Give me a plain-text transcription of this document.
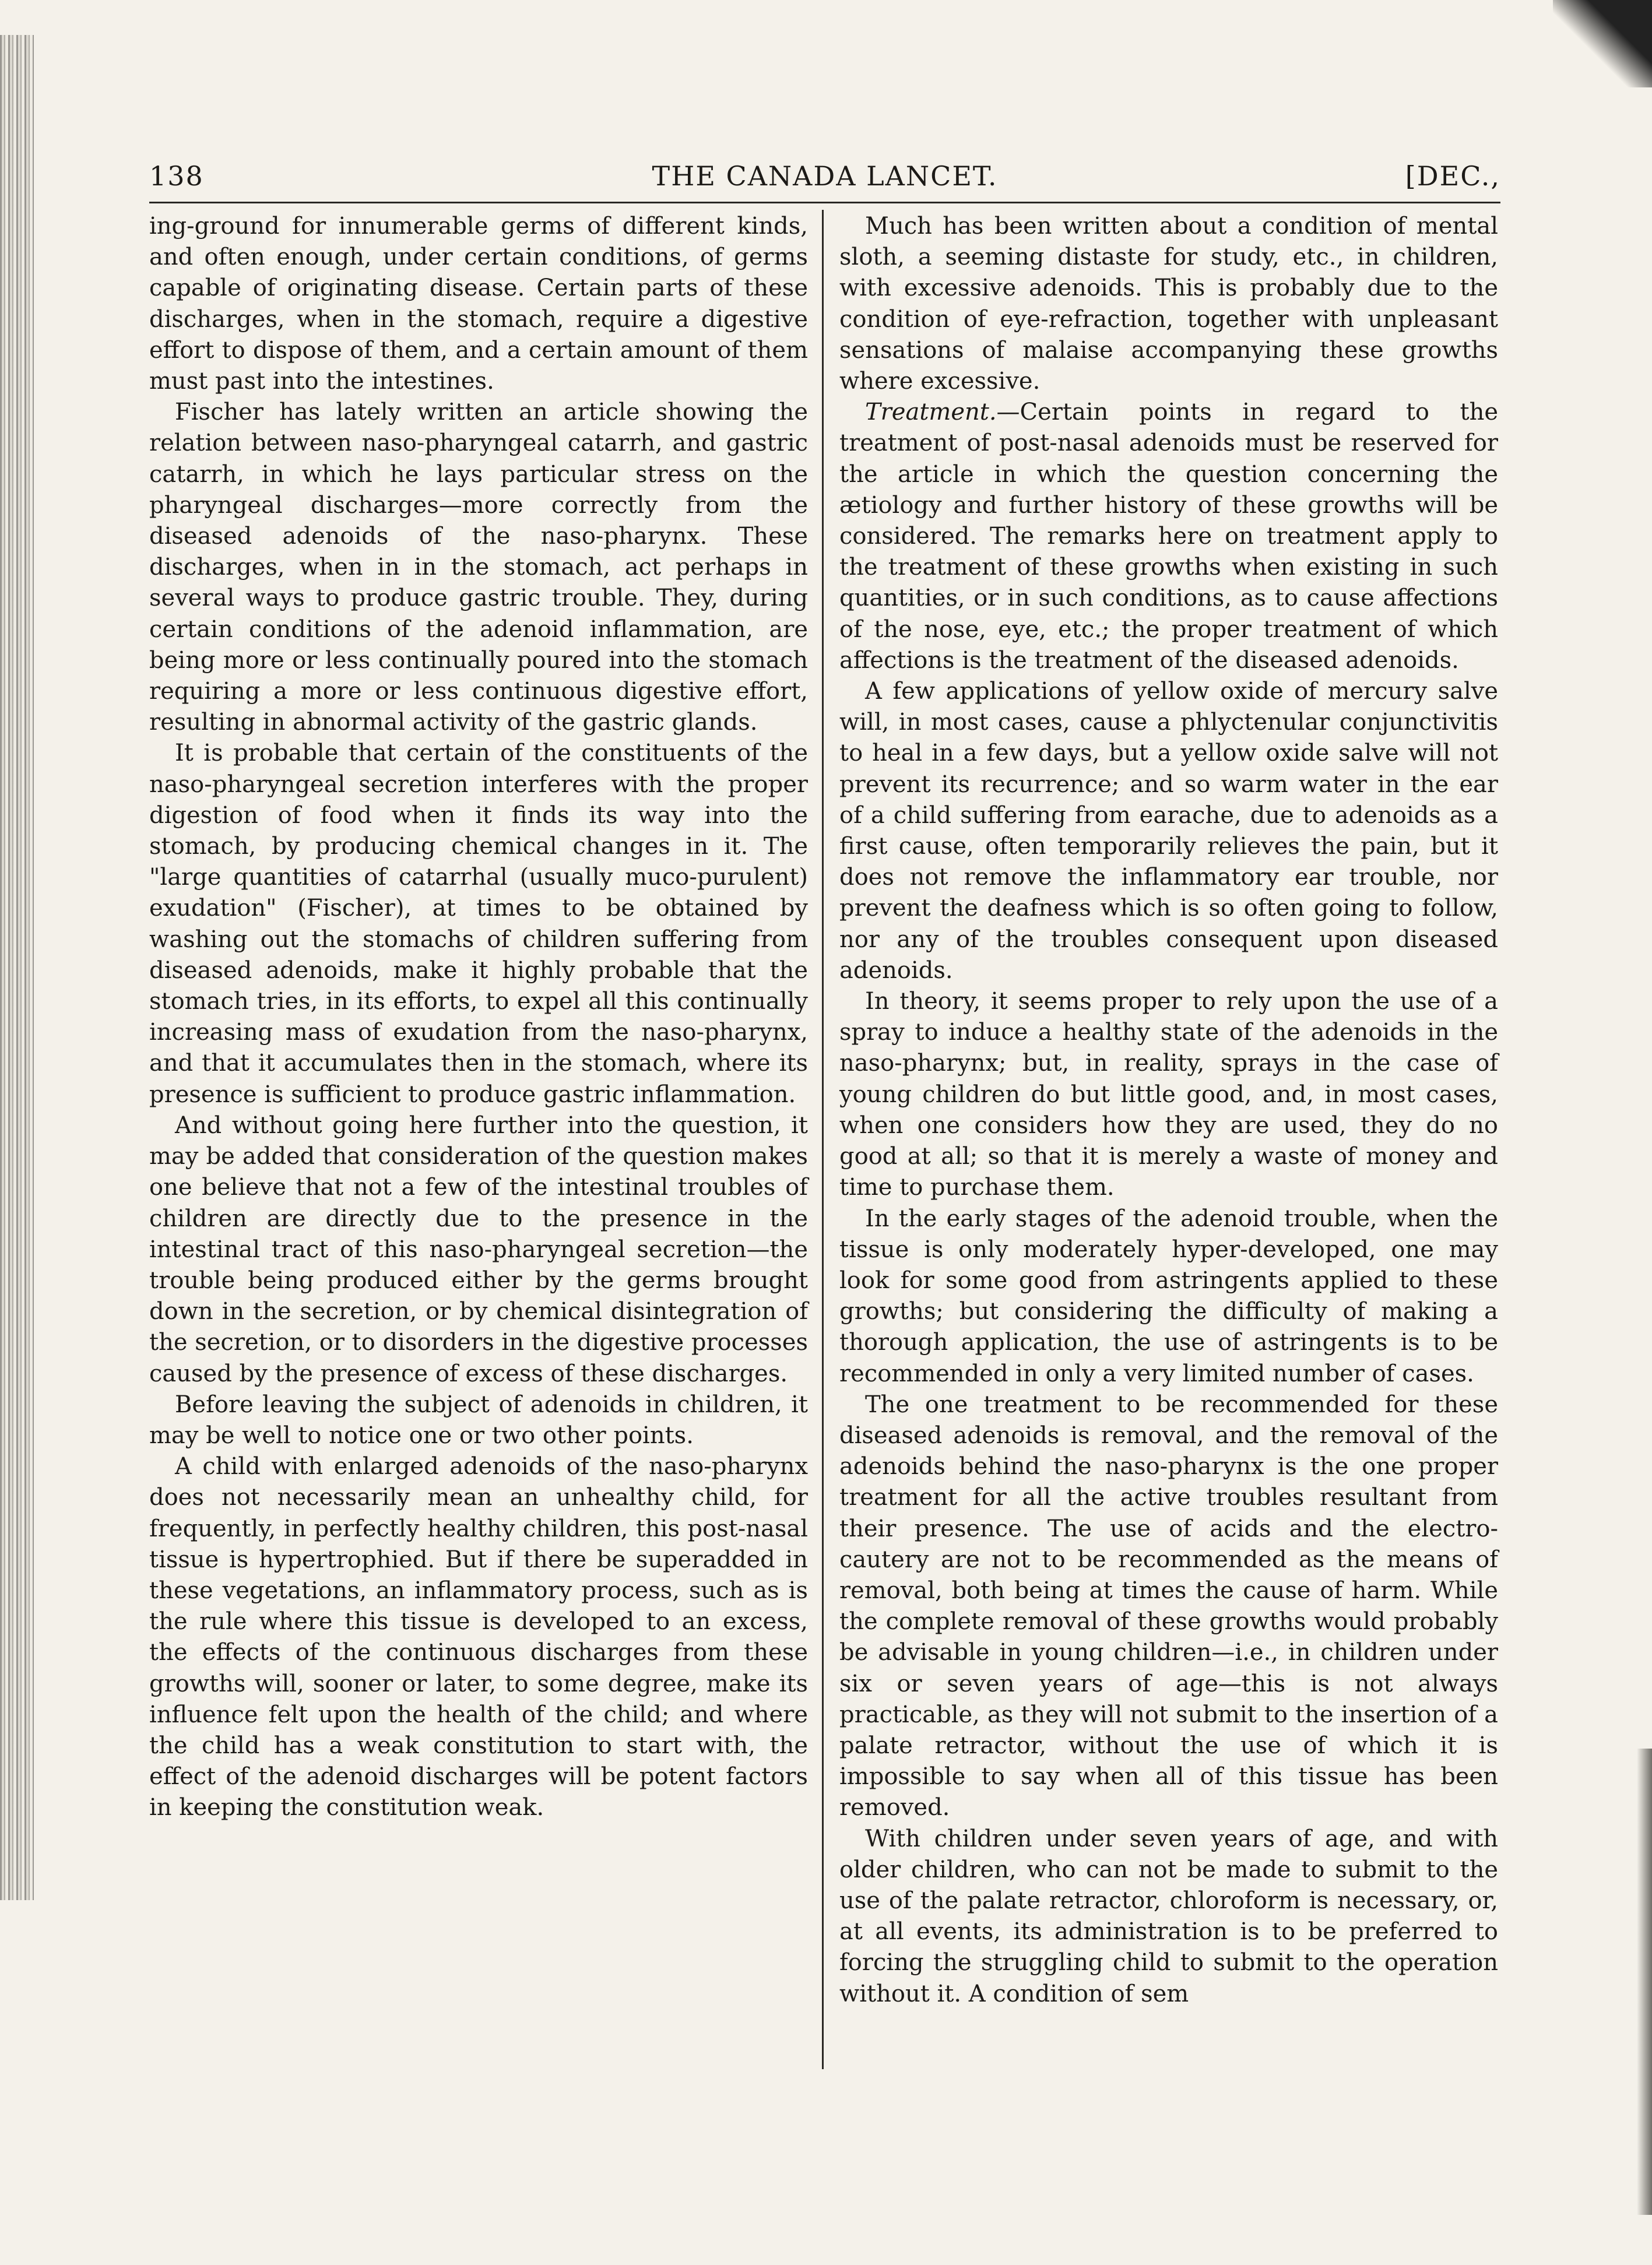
138	THE CANADA LANCET.	[DEC.,

ing-ground for innumerable germs of different kinds, and often enough, under certain conditions, of germs capable of originating disease. Certain parts of these discharges, when in the stomach, require a digestive effort to dispose of them, and a certain amount of them must past into the intestines.

Fischer has lately written an article showing the relation between naso-pharyngeal catarrh, and gastric catarrh, in which he lays particular stress on the pharyngeal discharges—more correctly from the diseased adenoids of the naso-pharynx. These discharges, when in in the stomach, act perhaps in several ways to produce gastric trouble. They, during certain conditions of the adenoid inflammation, are being more or less continually poured into the stomach requiring a more or less continuous digestive effort, resulting in abnormal activity of the gastric glands.

It is probable that certain of the constituents of the naso-pharyngeal secretion interferes with the proper digestion of food when it finds its way into the stomach, by producing chemical changes in it. The "large quantities of catarrhal (usually muco-purulent) exudation" (Fischer), at times to be obtained by washing out the stomachs of children suffering from diseased adenoids, make it highly probable that the stomach tries, in its efforts, to expel all this continually increasing mass of exudation from the naso-pharynx, and that it accumulates then in the stomach, where its presence is sufficient to produce gastric inflammation.

And without going here further into the question, it may be added that consideration of the question makes one believe that not a few of the intestinal troubles of children are directly due to the presence in the intestinal tract of this naso-pharyngeal secretion—the trouble being produced either by the germs brought down in the secretion, or by chemical disintegration of the secretion, or to disorders in the digestive processes caused by the presence of excess of these discharges.

Before leaving the subject of adenoids in children, it may be well to notice one or two other points.

A child with enlarged adenoids of the naso-pharynx does not necessarily mean an unhealthy child, for frequently, in perfectly healthy children, this post-nasal tissue is hypertrophied. But if there be superadded in these vegetations, an inflammatory process, such as is the rule where this tissue is developed to an excess, the effects of the continuous discharges from these growths will, sooner or later, to some degree, make its influence felt upon the health of the child; and where the child has a weak constitution to start with, the effect of the adenoid discharges will be potent factors in keeping the constitution weak.

Much has been written about a condition of mental sloth, a seeming distaste for study, etc., in children, with excessive adenoids. This is probably due to the condition of eye-refraction, together with unpleasant sensations of malaise accompanying these growths where excessive.

Treatment.—Certain points in regard to the treatment of post-nasal adenoids must be reserved for the article in which the question concerning the ætiology and further history of these growths will be considered. The remarks here on treatment apply to the treatment of these growths when existing in such quantities, or in such conditions, as to cause affections of the nose, eye, etc.; the proper treatment of which affections is the treatment of the diseased adenoids.

A few applications of yellow oxide of mercury salve will, in most cases, cause a phlyctenular conjunctivitis to heal in a few days, but a yellow oxide salve will not prevent its recurrence; and so warm water in the ear of a child suffering from earache, due to adenoids as a first cause, often temporarily relieves the pain, but it does not remove the inflammatory ear trouble, nor prevent the deafness which is so often going to follow, nor any of the troubles consequent upon diseased adenoids.

In theory, it seems proper to rely upon the use of a spray to induce a healthy state of the adenoids in the naso-pharynx; but, in reality, sprays in the case of young children do but little good, and, in most cases, when one considers how they are used, they do no good at all; so that it is merely a waste of money and time to purchase them.

In the early stages of the adenoid trouble, when the tissue is only moderately hyper-developed, one may look for some good from astringents applied to these growths; but considering the difficulty of making a thorough application, the use of astringents is to be recommended in only a very limited number of cases.

The one treatment to be recommended for these diseased adenoids is removal, and the removal of the adenoids behind the naso-pharynx is the one proper treatment for all the active troubles resultant from their presence. The use of acids and the electro-cautery are not to be recommended as the means of removal, both being at times the cause of harm. While the complete removal of these growths would probably be advisable in young children—i.e., in children under six or seven years of age—this is not always practicable, as they will not submit to the insertion of a palate retractor, without the use of which it is impossible to say when all of this tissue has been removed.

With children under seven years of age, and with older children, who can not be made to submit to the use of the palate retractor, chloroform is necessary, or, at all events, its administration is to be preferred to forcing the struggling child to submit to the operation without it. A condition of sem
